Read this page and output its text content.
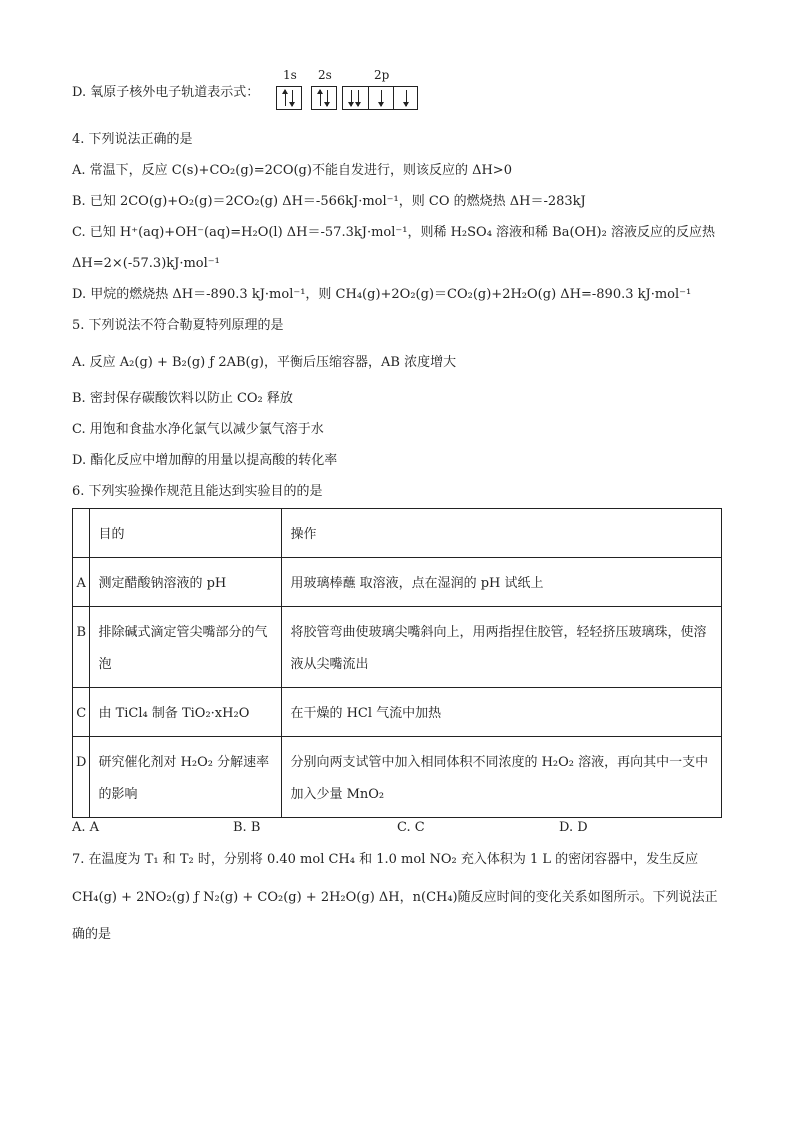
D. 氧原子核外电子轨道表示式：
1s 2s	2p
4. 下列说法正确的是
A. 常温下，反应 C(s)+CO₂(g)=2CO(g)不能自发进行，则该反应的 ΔH>0
B. 已知 2CO(g)+O₂(g)＝2CO₂(g) ΔH＝-566kJ·mol⁻¹，则 CO 的燃烧热 ΔH＝-283kJ
C. 已知 H⁺(aq)+OH⁻(aq)=H₂O(l) ΔH＝-57.3kJ·mol⁻¹，则稀 H₂SO₄ 溶液和稀 Ba(OH)₂ 溶液反应的反应热
ΔH=2×(-57.3)kJ·mol⁻¹
D. 甲烷的燃烧热 ΔH＝-890.3 kJ·mol⁻¹，则 CH₄(g)+2O₂(g)＝CO₂(g)+2H₂O(g) ΔH=-890.3 kJ·mol⁻¹
5. 下列说法不符合勒夏特列原理的是
A. 反应 A₂(g) + B₂(g) ƒ 2AB(g)，平衡后压缩容器，AB 浓度增大
B. 密封保存碳酸饮料以防止 CO₂ 释放
C. 用饱和食盐水净化氯气以减少氯气溶于水
D. 酯化反应中增加醇的用量以提高酸的转化率
6. 下列实验操作规范且能达到实验目的的是
	目的	操作
A	测定醋酸钠溶液的 pH	用玻璃棒蘸 取溶液，点在湿润的 pH 试纸上
B	排除碱式滴定管尖嘴部分的气泡	将胶管弯曲使玻璃尖嘴斜向上，用两指捏住胶管，轻轻挤压玻璃珠，使溶液从尖嘴流出
C	由 TiCl₄ 制备 TiO₂·xH₂O	在干燥的 HCl 气流中加热
D	研究催化剂对 H₂O₂ 分解速率的影响	分别向两支试管中加入相同体积不同浓度的 H₂O₂ 溶液，再向其中一支中加入少量 MnO₂
A. A	B. B	C. C	D. D
7. 在温度为 T₁ 和 T₂ 时，分别将 0.40 mol CH₄ 和 1.0 mol NO₂ 充入体积为 1 L 的密闭容器中，发生反应
CH₄(g) + 2NO₂(g) ƒ N₂(g) + CO₂(g) + 2H₂O(g) ΔH，n(CH₄)随反应时间的变化关系如图所示。下列说法正
确的是
